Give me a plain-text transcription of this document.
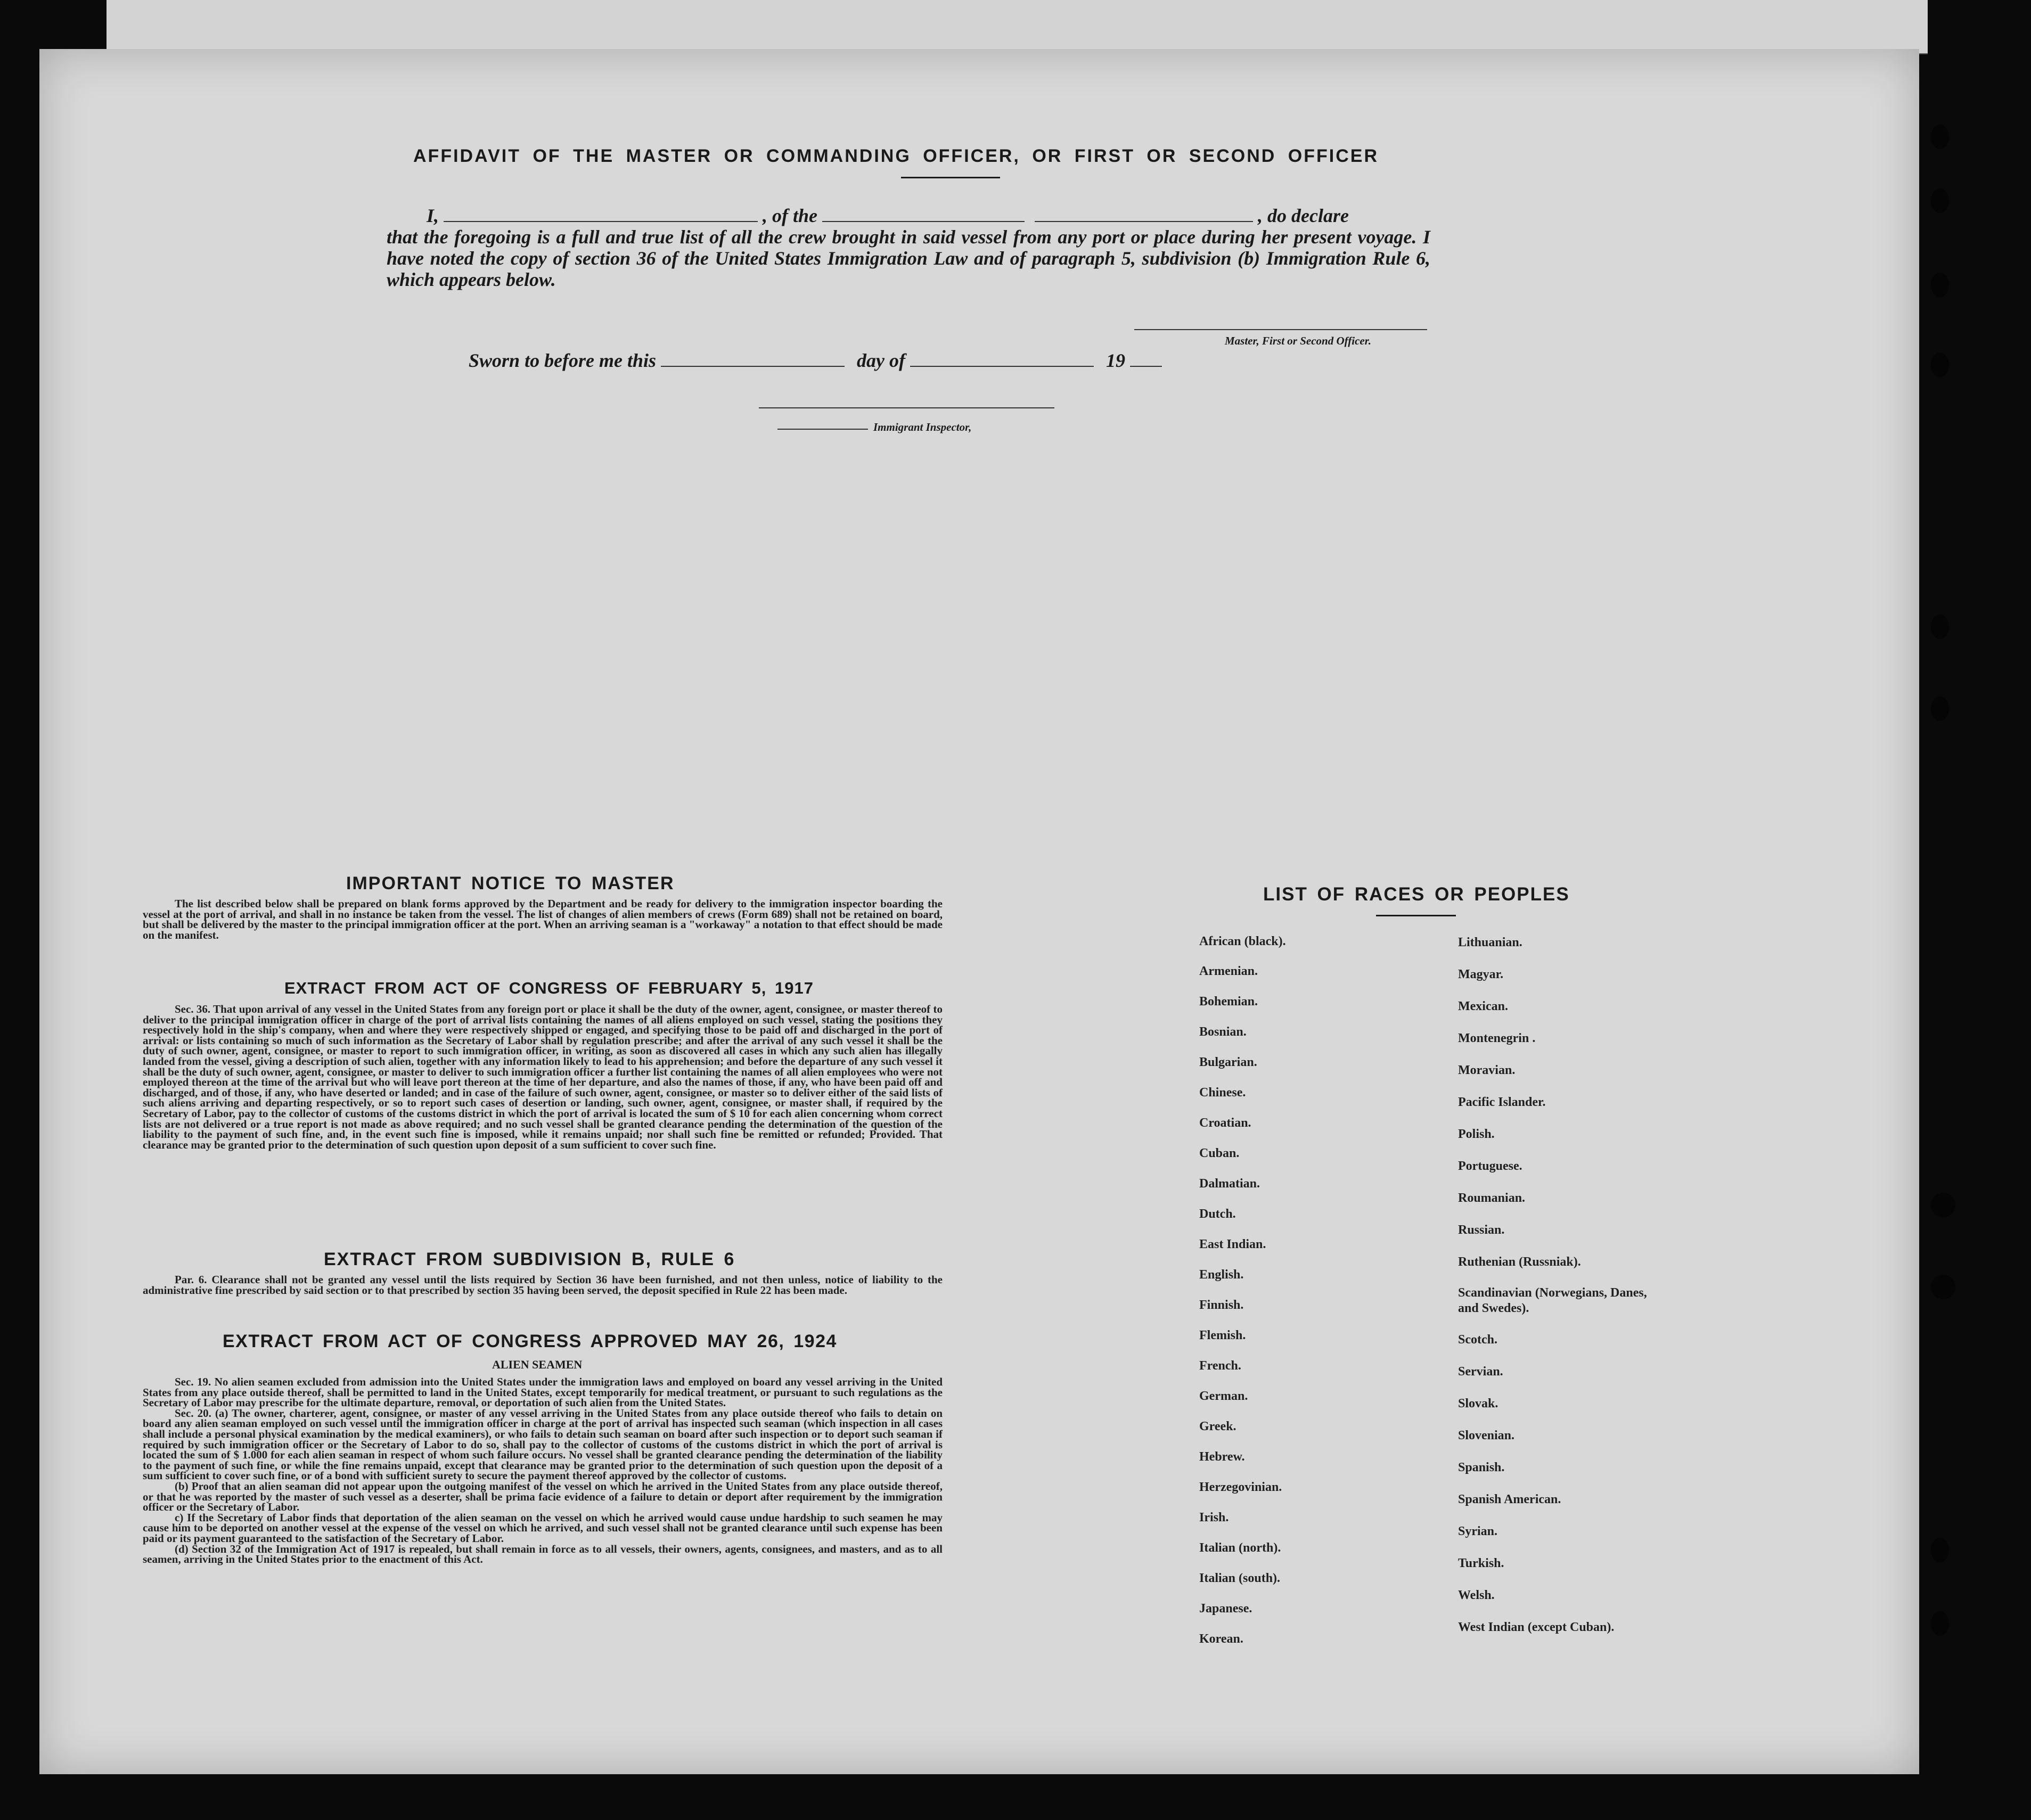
AFFIDAVIT OF THE MASTER OR COMMANDING OFFICER, OR FIRST OR SECOND OFFICER
I,	, of the	, do declare
that the foregoing is a full and true list of all the crew brought in said vessel from any port or place during her present voyage. I have noted the copy of section 36 of the United States Immigration Law and of paragraph 5, subdivision (b) Immigration Rule 6, which appears below.
Master, First or Second Officer.
Sworn to before me this	day of	19
Immigrant Inspector,
IMPORTANT NOTICE TO MASTER

The list described below shall be prepared on blank forms approved by the Department and be ready for delivery to the immigration inspector boarding the vessel at the port of arrival, and shall in no instance be taken from the vessel. The list of changes of alien members of crews (Form 689) shall not be retained on board, but shall be delivered by the master to the principal immigration officer at the port. When an arriving seaman is a "workaway" a notation to that effect should be made on the manifest.

EXTRACT FROM ACT OF CONGRESS OF FEBRUARY 5, 1917

Sec. 36. That upon arrival of any vessel in the United States from any foreign port or place it shall be the duty of the owner, agent, consignee, or master thereof to deliver to the principal immigration officer in charge of the port of arrival lists containing the names of all aliens employed on such vessel, stating the positions they respectively hold in the ship's company, when and where they were respectively shipped or engaged, and specifying those to be paid off and discharged in the port of arrival: or lists containing so much of such information as the Secretary of Labor shall by regulation prescribe; and after the arrival of any such vessel it shall be the duty of such owner, agent, consignee, or master to report to such immigration officer, in writing, as soon as discovered all cases in which any such alien has illegally landed from the vessel, giving a description of such alien, together with any information likely to lead to his apprehension; and before the departure of any such vessel it shall be the duty of such owner, agent, consignee, or master to deliver to such immigration officer a further list containing the names of all alien employees who were not employed thereon at the time of the arrival but who will leave port thereon at the time of her departure, and also the names of those, if any, who have been paid off and discharged, and of those, if any, who have deserted or landed; and in case of the failure of such owner, agent, consignee, or master so to deliver either of the said lists of such aliens arriving and departing respectively, or so to report such cases of desertion or landing, such owner, agent, consignee, or master shall, if required by the Secretary of Labor, pay to the collector of customs of the customs district in which the port of arrival is located the sum of $ 10 for each alien concerning whom correct lists are not delivered or a true report is not made as above required; and no such vessel shall be granted clearance pending the determination of the question of the liability to the payment of such fine, and, in the event such fine is imposed, while it remains unpaid; nor shall such fine be remitted or refunded; Provided. That clearance may be granted prior to the determination of such question upon deposit of a sum sufficient to cover such fine.

EXTRACT FROM SUBDIVISION B, RULE 6

Par. 6. Clearance shall not be granted any vessel until the lists required by Section 36 have been furnished, and not then unless, notice of liability to the administrative fine prescribed by said section or to that prescribed by section 35 having been served, the deposit specified in Rule 22 has been made.

EXTRACT FROM ACT OF CONGRESS APPROVED MAY 26, 1924
ALIEN SEAMEN

Sec. 19. No alien seamen excluded from admission into the United States under the immigration laws and employed on board any vessel arriving in the United States from any place outside thereof, shall be permitted to land in the United States, except temporarily for medical treatment, or pursuant to such regulations as the Secretary of Labor may prescribe for the ultimate departure, removal, or deportation of such alien from the United States.

Sec. 20. (a) The owner, charterer, agent, consignee, or master of any vessel arriving in the United States from any place outside thereof who fails to detain on board any alien seaman employed on such vessel until the immigration officer in charge at the port of arrival has inspected such seaman (which inspection in all cases shall include a personal physical examination by the medical examiners), or who fails to detain such seaman on board after such inspection or to deport such seaman if required by such immigration officer or the Secretary of Labor to do so, shall pay to the collector of customs of the customs district in which the port of arrival is located the sum of $ 1.000 for each alien seaman in respect of whom such failure occurs. No vessel shall be granted clearance pending the determination of the liability to the payment of such fine, or while the fine remains unpaid, except that clearance may be granted prior to the determination of such question upon the deposit of a sum sufficient to cover such fine, or of a bond with sufficient surety to secure the payment thereof approved by the collector of customs.

(b) Proof that an alien seaman did not appear upon the outgoing manifest of the vessel on which he arrived in the United States from any place outside thereof, or that he was reported by the master of such vessel as a deserter, shall be prima facie evidence of a failure to detain or deport after requirement by the immigration officer or the Secretary of Labor.

c) If the Secretary of Labor finds that deportation of the alien seaman on the vessel on which he arrived would cause undue hardship to such seamen he may cause him to be deported on another vessel at the expense of the vessel on which he arrived, and such vessel shall not be granted clearance until such expense has been paid or its payment guaranteed to the satisfaction of the Secretary of Labor.

(d) Section 32 of the Immigration Act of 1917 is repealed, but shall remain in force as to all vessels, their owners, agents, consignees, and masters, and as to all seamen, arriving in the United States prior to the enactment of this Act.

LIST OF RACES OR PEOPLES
African (black).
Armenian.
Bohemian.
Bosnian.
Bulgarian.
Chinese.
Croatian.
Cuban.
Dalmatian.
Dutch.
East Indian.
English.
Finnish.
Flemish.
French.
German.
Greek.
Hebrew.
Herzegovinian.
Irish.
Italian (north).
Italian (south).
Japanese.
Korean.
Lithuanian.
Magyar.
Mexican.
Montenegrin .
Moravian.
Pacific Islander.
Polish.
Portuguese.
Roumanian.
Russian.
Ruthenian (Russniak).
Scandinavian (Norwegians, Danes, and Swedes).
Scotch.
Servian.
Slovak.
Slovenian.
Spanish.
Spanish American.
Syrian.
Turkish.
Welsh.
West Indian (except Cuban).
